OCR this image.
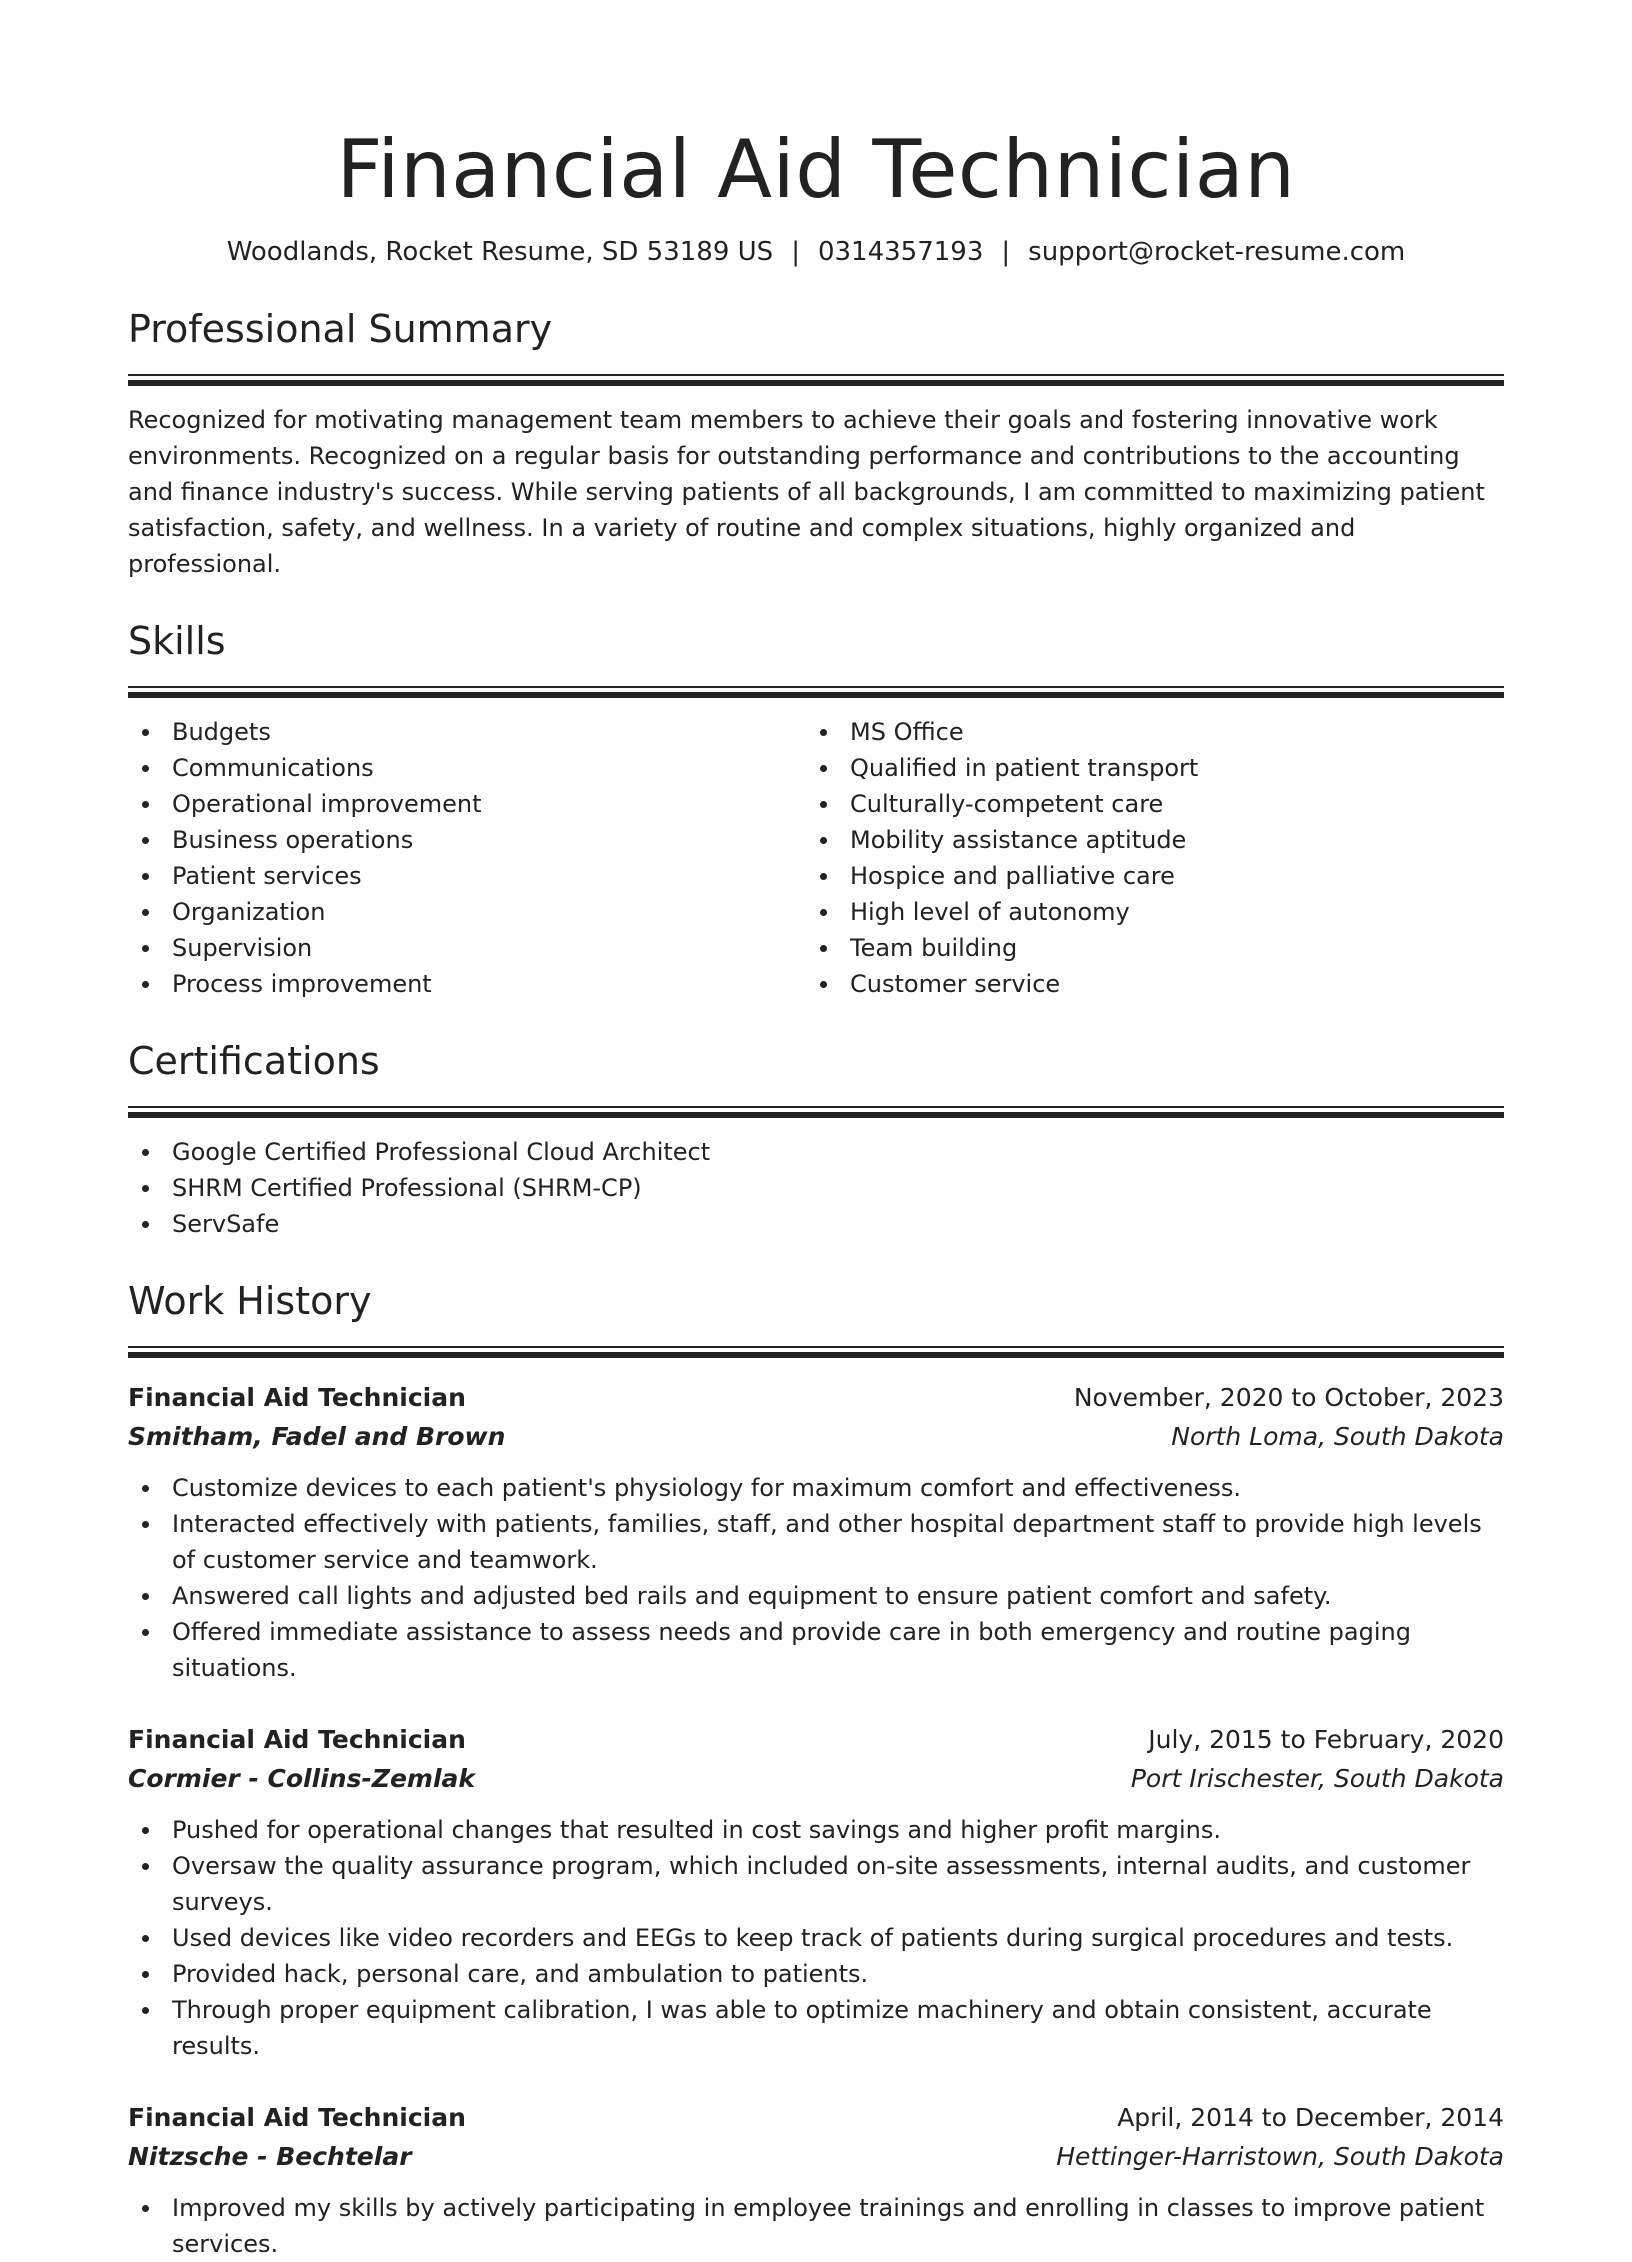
Financial Aid Technician
Woodlands, Rocket Resume, SD 53189 US | 0314357193 | support@rocket-resume.com
Professional Summary

Recognized for motivating management team members to achieve their goals and fostering innovative work environments. Recognized on a regular basis for outstanding performance and contributions to the accounting and finance industry's success. While serving patients of all backgrounds, I am committed to maximizing patient satisfaction, safety, and wellness. In a variety of routine and complex situations, highly organized and professional.

Skills
Budgets
Communications
Operational improvement
Business operations
Patient services
Organization
Supervision
Process improvement
MS Office
Qualified in patient transport
Culturally-competent care
Mobility assistance aptitude
Hospice and palliative care
High level of autonomy
Team building
Customer service
Certifications
Google Certified Professional Cloud Architect
SHRM Certified Professional (SHRM-CP)
ServSafe
Work History
Financial Aid Technician	November, 2020 to October, 2023
Smitham, Fadel and Brown	North Loma, South Dakota
Customize devices to each patient's physiology for maximum comfort and effectiveness.
Interacted effectively with patients, families, staff, and other hospital department staff to provide high levels of customer service and teamwork.
Answered call lights and adjusted bed rails and equipment to ensure patient comfort and safety.
Offered immediate assistance to assess needs and provide care in both emergency and routine paging situations.
Financial Aid Technician	July, 2015 to February, 2020
Cormier - Collins-Zemlak	Port Irischester, South Dakota
Pushed for operational changes that resulted in cost savings and higher profit margins.
Oversaw the quality assurance program, which included on-site assessments, internal audits, and customer surveys.
Used devices like video recorders and EEGs to keep track of patients during surgical procedures and tests.
Provided hack, personal care, and ambulation to patients.
Through proper equipment calibration, I was able to optimize machinery and obtain consistent, accurate results.
Financial Aid Technician	April, 2014 to December, 2014
Nitzsche - Bechtelar	Hettinger-Harristown, South Dakota
Improved my skills by actively participating in employee trainings and enrolling in classes to improve patient services.
